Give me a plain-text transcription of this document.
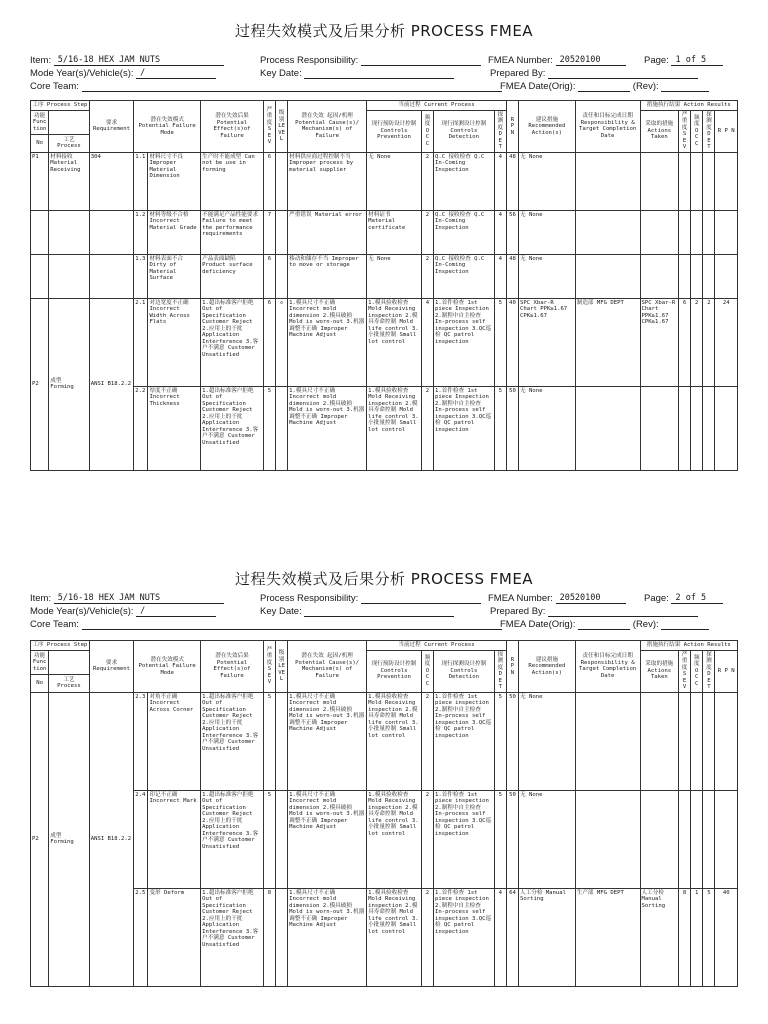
过程失效模式及后果分析 PROCESS FMEA
Item: 5/16-18 HEX JAM NUTS	Process Responsibility:	FMEA Number: 20520100	Page: 1 of 5
Mode Year(s)/Vehicle(s): /	Key Date:	Prepared By:
Core Team:	FMEA Date(Orig):	(Rev):
工序 Process Step		要求 Requirement	潜在失效模式 Potential Failure Mode		潜在失效后果 Potential Effect(s)of Failure	严 重 度 S E V	级 别 LEVEL	潜在失效 起因/机理 Potential Cause(s)/ Mechanism(s) of Failure	当前过程 Current Process				R P N	建议措施 Recommended Action(s)	责任和目标完成日期 Responsibility & Target Completion Date	措施执行结果 Action Results				
功能 Function									现行预防设计控制 Controls Prevention	频 度 O C C	现行探测设计控制 Controls Detection	探 测 度 D E T				采取的措施 Actions Taken	严 重 度 S E V	频 度 O C C	探 测 度 D E T	R P N
No	工艺 Process																			
P1	材料接收 Material Receiving	304	1.1	材料尺寸不良 Improper Material Dimension	生产时不能成型 Can not be use in forming	6		材料供应商过程控制不当 Improper process by material supplier	无 None	2	Q.C 接收检查 Q.C In-Coming Inspection	4	48	无 None						
			1.2	材料等级不合格 Incorrect Material Grade	不能满足产品性能要求 Failure to meet the performance requirements	7		严重错误 Material error	材料证书 Material certificate	2	Q.C 接收检查 Q.C In-Coming Inspection	4	56	无 None						
			1.3	材料表面不合 Dirty of Material Surface	产品表面缺陷 Product surface deficiency	6		移动和储存不当 Improper to move or storage	无 None	2	Q.C 接收检查 Q.C In-Coming Inspection	4	48	无 None						
P2	成型 Forming	ANSI B18.2.2	2.1	对边宽度不正确 Incorrect Width Across Flats	1.超出标准客户拒绝 Out of Specification Customer Reject 2.应用上的干扰 Application Interference 3.客户不满意 Customer Unsatisfied	6	◇	1.模具尺寸不正确 Incorrect mold dimension 2.模具破损 Mold is worn-out 3.机器调整不正确 Improper Machine Adjust	1.模具验收检查 Mold Receiving inspection 2.模具寿命控制 Mold life control 3.小批量控制 Small lot control	4	1.首件检查 1st piece Inspection 2.制程中自主检查 In-process self inspection 3.QC巡检 QC patrol inspection	5	40	SPC Xbar-R Chart PPK≥1.67 CPK≥1.67	制造部 MFG DEPT	SPC Xbar-R Chart PPK≥1.67 CPK≥1.67	6	2	2	24
			2.2	厚度不正确 Incorrect Thickness	1.超出标准客户拒绝 Out of Specification Customer Reject 2.应用上的干扰 Application Interference 3.客户不满意 Customer Unsatisfied	5		1.模具尺寸不正确 Incorrect mold dimension 2.模具破损 Mold is worn-out 3.机器调整不正确 Improper Machine Adjust	1.模具验收检查 Mold Receiving inspection 2.模具寿命控制 Mold life control 3.小批量控制 Small lot control	2	1.首件检查 1st piece Inspection 2.制程中自主检查 In-process self inspection 3.QC巡检 QC patrol inspection	5	50	无 None						
过程失效模式及后果分析 PROCESS FMEA
Item: 5/16-18 HEX JAM NUTS	Process Responsibility:	FMEA Number: 20520100	Page: 2 of 5
Mode Year(s)/Vehicle(s): /	Key Date:	Prepared By:
Core Team:	FMEA Date(Orig):	(Rev):
工序 Process Step		要求 Requirement	潜在失效模式 Potential Failure Mode		潜在失效后果 Potential Effect(s)of Failure	严 重 度 S E V	级 别 LEVEL	潜在失效 起因/机理 Potential Cause(s)/ Mechanism(s) of Failure	当前过程 Current Process				R P N	建议措施 Recommended Action(s)	责任和目标完成日期 Responsibility & Target Completion Date	措施执行结果 Action Results				
功能 Function									现行预防设计控制 Controls Prevention	频 度 O C C	现行探测设计控制 Controls Detection	探 测 度 D E T				采取的措施 Actions Taken	严 重 度 S E V	频 度 O C C	探 测 度 D E T	R P N
No	工艺 Process																			
P2	成型 Forming	ANSI B18.2.2	2.3	对角不正确 Incorrect Across Corner	1.超出标准客户拒绝 Out of Specification Customer Reject 2.应用上的干扰 Application Interference 3.客户不满意 Customer Unsatisfied	5		1.模具尺寸不正确 Incorrect mold dimension 2.模具破损 Mold is worn-out 3.机器调整不正确 Improper Machine Adjust	1.模具验收检查 Mold Receiving inspection 2.模具寿命控制 Mold life control 3.小批量控制 Small lot control	2	1.首件检查 1st piece inspection 2.制程中自主检查 In-process self inspection 3.QC巡检 QC patrol inspection	5	50	无 None						
			2.4	印记不正确 Incorrect Mark	1.超出标准客户拒绝 Out of Specification Customer Reject 2.应用上的干扰 Application Interference 3.客户不满意 Customer Unsatisfied	5		1.模具尺寸不正确 Incorrect mold dimension 2.模具破损 Mold is worn-out 3.机器调整不正确 Improper Machine Adjust	1.模具验收检查 Mold Receiving inspection 2.模具寿命控制 Mold life control 3.小批量控制 Small lot control	2	1.首件检查 1st piece inspection 2.制程中自主检查 In-process self inspection 3.QC巡检 QC patrol inspection	5	50	无 None						
			2.5	变形 Deform	1.超出标准客户拒绝 Out of Specification Customer Reject 2.应用上的干扰 Application Interference 3.客户不满意 Customer Unsatisfied	8		1.模具尺寸不正确 Incorrect mold dimension 2.模具破损 Mold is worn-out 3.机器调整不正确 Improper Machine Adjust	1.模具验收检查 Mold Receiving inspection 2.模具寿命控制 Mold life control 3.小批量控制 Small lot control	2	1.首件检查 1st piece inspection 2.制程中自主检查 In-process self inspection 3.QC巡检 QC patrol inspection	4	64	人工分检 Manual Sorting	生产部 MFG DEPT	人工分检 Manual Sorting	8	1	5	40
